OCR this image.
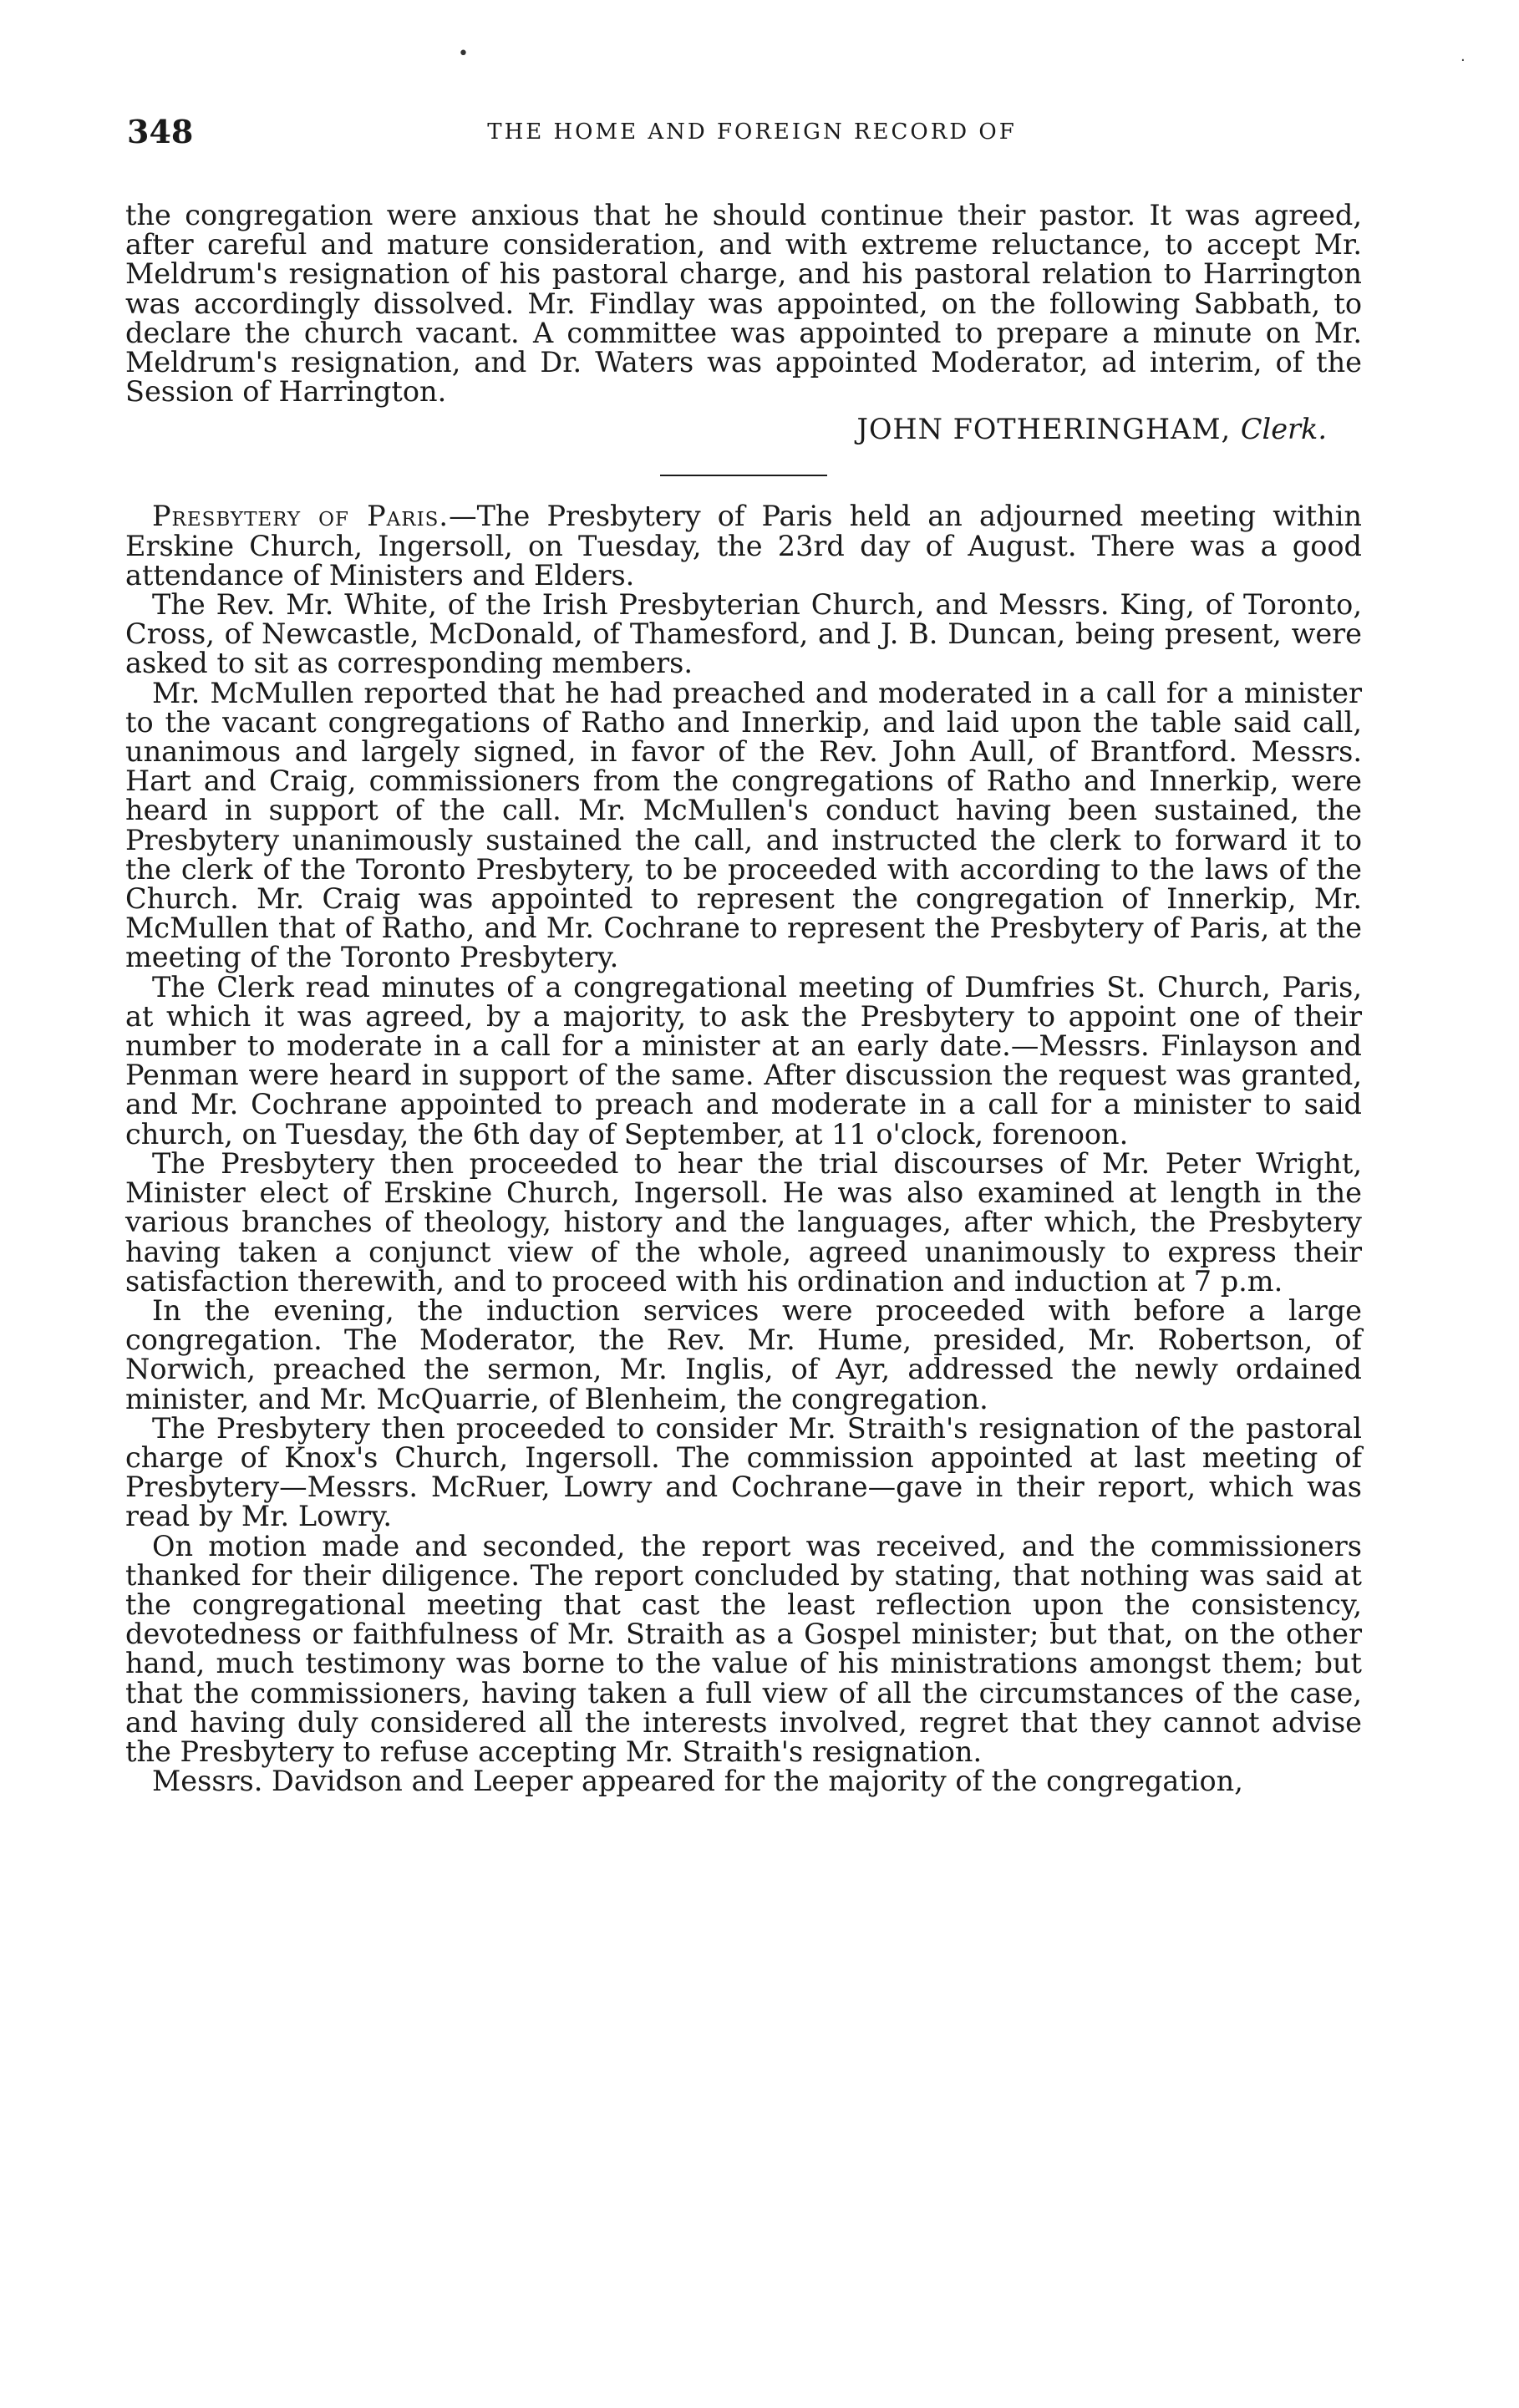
•	·
348	THE HOME AND FOREIGN RECORD OF

the congregation were anxious that he should continue their pastor. It was agreed, after careful and mature consideration, and with extreme reluctance, to accept Mr. Meldrum's resignation of his pastoral charge, and his pastoral relation to Harrington was accordingly dissolved. Mr. Findlay was appointed, on the following Sabbath, to declare the church vacant. A committee was appointed to prepare a minute on Mr. Meldrum's resignation, and Dr. Waters was appointed Moderator, ad interim, of the Session of Harrington.

JOHN FOTHERINGHAM, Clerk.

Presbytery of Paris.—The Presbytery of Paris held an adjourned meeting within Erskine Church, Ingersoll, on Tuesday, the 23rd day of August. There was a good attendance of Ministers and Elders.

The Rev. Mr. White, of the Irish Presbyterian Church, and Messrs. King, of Toronto, Cross, of Newcastle, McDonald, of Thamesford, and J. B. Duncan, being present, were asked to sit as corresponding members.

Mr. McMullen reported that he had preached and moderated in a call for a minister to the vacant congregations of Ratho and Innerkip, and laid upon the table said call, unanimous and largely signed, in favor of the Rev. John Aull, of Brantford. Messrs. Hart and Craig, commissioners from the congregations of Ratho and Innerkip, were heard in support of the call. Mr. McMullen's conduct having been sustained, the Presbytery unanimously sustained the call, and instructed the clerk to forward it to the clerk of the Toronto Presbytery, to be proceeded with according to the laws of the Church. Mr. Craig was appointed to represent the congregation of Innerkip, Mr. McMullen that of Ratho, and Mr. Cochrane to represent the Presbytery of Paris, at the meeting of the Toronto Presbytery.

The Clerk read minutes of a congregational meeting of Dumfries St. Church, Paris, at which it was agreed, by a majority, to ask the Presbytery to appoint one of their number to moderate in a call for a minister at an early date.—Messrs. Finlayson and Penman were heard in support of the same. After discussion the request was granted, and Mr. Cochrane appointed to preach and moderate in a call for a minister to said church, on Tuesday, the 6th day of September, at 11 o'clock, forenoon.

The Presbytery then proceeded to hear the trial discourses of Mr. Peter Wright, Minister elect of Erskine Church, Ingersoll. He was also examined at length in the various branches of theology, history and the languages, after which, the Presbytery having taken a conjunct view of the whole, agreed unanimously to express their satisfaction therewith, and to proceed with his ordination and induction at 7 p.m.

In the evening, the induction services were proceeded with before a large congregation. The Moderator, the Rev. Mr. Hume, presided, Mr. Robertson, of Norwich, preached the sermon, Mr. Inglis, of Ayr, addressed the newly ordained minister, and Mr. McQuarrie, of Blenheim, the congregation.

The Presbytery then proceeded to consider Mr. Straith's resignation of the pastoral charge of Knox's Church, Ingersoll. The commission appointed at last meeting of Presbytery—Messrs. McRuer, Lowry and Cochrane—gave in their report, which was read by Mr. Lowry.

On motion made and seconded, the report was received, and the commissioners thanked for their diligence. The report concluded by stating, that nothing was said at the congregational meeting that cast the least reflection upon the consistency, devotedness or faithfulness of Mr. Straith as a Gospel minister; but that, on the other hand, much testimony was borne to the value of his ministrations amongst them; but that the commissioners, having taken a full view of all the circumstances of the case, and having duly considered all the interests involved, regret that they cannot advise the Presbytery to refuse accepting Mr. Straith's resignation.

Messrs. Davidson and Leeper appeared for the majority of the congregation,
